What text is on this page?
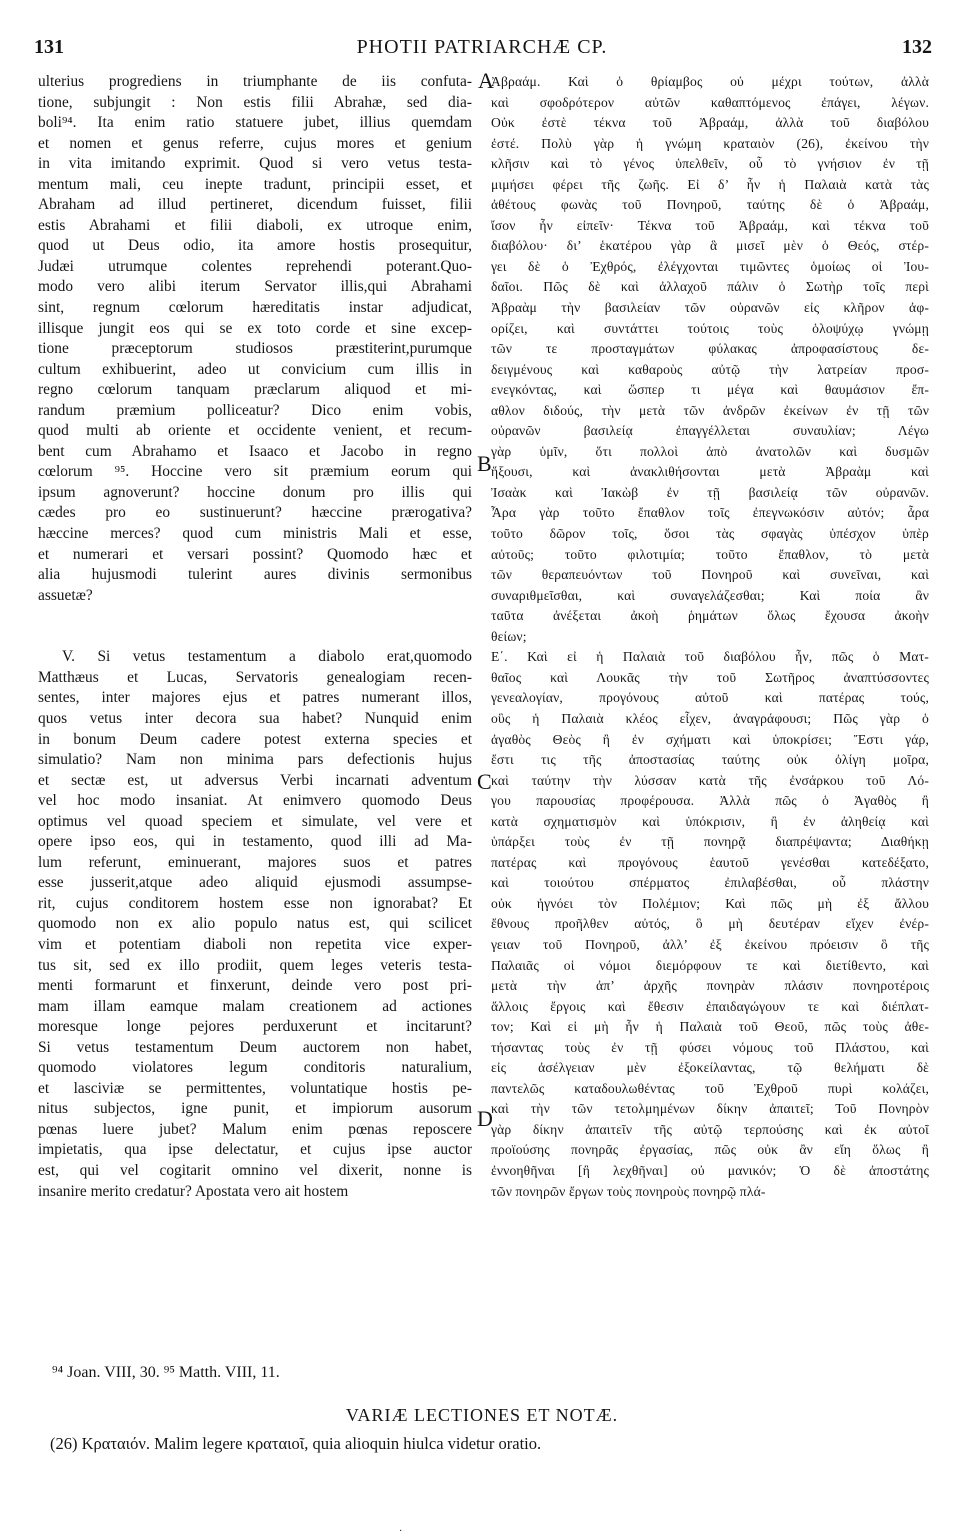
131	PHOTII PATRIARCHÆ CP.	132
ulterius progrediens in triumphante de iis confuta-
tione, subjungit : Non estis filii Abrahæ, sed dia-
boli⁹⁴. Ita enim ratio statuere jubet, illius quemdam
et nomen et genus referre, cujus mores et genium
in vita imitando exprimit. Quod si vero vetus testa-
mentum mali, ceu inepte tradunt, principii esset, et
Abraham ad illud pertineret, dicendum fuisset, filii
estis Abrahami et filii diaboli, ex utroque enim,
quod ut Deus odio, ita amore hostis prosequitur,
Judæi utrumque colentes reprehendi poterant.Quo-
modo vero alibi iterum Servator illis,qui Abrahami
sint, regnum cœlorum hæreditatis instar adjudicat,
illisque jungit eos qui se ex toto corde et sine excep-
tione præceptorum studiosos præstiterint,purumque
cultum exhibuerint, adeo ut convicium cum illis in
regno cœlorum tanquam præclarum aliquod et mi-
randum præmium polliceatur? Dico enim vobis,
quod multi ab oriente et occidente venient, et recum-
bent cum Abrahamo et Isaaco et Jacobo in regno
cœlorum ⁹⁵. Hoccine vero sit præmium eorum qui
ipsum agnoverunt? hoccine donum pro illis qui
cædes pro eo sustinuerunt? hæccine prærogativa?
hæccine merces? quod cum ministris Mali et esse,
et numerari et versari possint? Quomodo hæc et
alia hujusmodi tulerint aures divinis sermonibus
assuetæ?
V. Si vetus testamentum a diabolo erat,quomodo
Matthæus et Lucas, Servatoris genealogiam recen-
sentes, inter majores ejus et patres numerant illos,
quos vetus inter decora sua habet? Nunquid enim
in bonum Deum cadere potest externa species et
simulatio? Nam non minima pars defectionis hujus
et sectæ est, ut adversus Verbi incarnati adventum
vel hoc modo insaniat. At enimvero quomodo Deus
optimus vel quoad speciem et simulate, vel vere et
opere ipso eos, qui in testamento, quod illi ad Ma-
lum referunt, eminuerant, majores suos et patres
esse jusserit,atque adeo aliquid ejusmodi assumpse-
rit, cujus conditorem hostem esse non ignorabat? Et
quomodo non ex alio populo natus est, qui scilicet
vim et potentiam diaboli non repetita vice exper-
tus sit, sed ex illo prodiit, quem leges veteris testa-
menti formarunt et finxerunt, deinde vero post pri-
mam illam eamque malam creationem ad actiones
moresque longe pejores perduxerunt et incitarunt?
Si vetus testamentum Deum auctorem non habet,
quomodo violatores legum conditoris naturalium,
et lasciviæ se permittentes, voluntatique hostis pe-
nitus subjectos, igne punit, et impiorum ausorum
pœnas luere jubet? Malum enim pœnas reposcere
impietatis, qua ipse delectatur, et cujus ipse auctor
est, qui vel cogitarit omnino vel dixerit, nonne is
insanire merito credatur? Apostata vero ait hostem
A
B
C
D
Ἀβραάμ. Καὶ ὁ θρίαμβος οὐ μέχρι τούτων, ἀλλὰ
καὶ σφοδρότερον αὐτῶν καθαπτόμενος ἐπάγει, λέγων.
Οὐκ ἐστὲ τέκνα τοῦ Ἀβραάμ, ἀλλὰ τοῦ διαβόλου
ἐστέ. Πολὺ γὰρ ἡ γνώμη κραταιὸν (26), ἐκείνου τὴν
κλῆσιν καὶ τὸ γένος ὑπελθεῖν, οὗ τὸ γνήσιον ἐν τῇ
μιμήσει φέρει τῆς ζωῆς. Εἰ δ’ ἦν ἡ Παλαιὰ κατὰ τὰς
ἀθέτους φωνὰς τοῦ Πονηροῦ, ταύτης δὲ ὁ Ἀβραάμ,
ἴσον ἦν εἰπεῖν· Τέκνα τοῦ Ἀβραάμ, καὶ τέκνα τοῦ
διαβόλου· δι’ ἑκατέρου γὰρ ἃ μισεῖ μὲν ὁ Θεός, στέρ-
γει δὲ ὁ Ἐχθρός, ἐλέγχονται τιμῶντες ὁμοίως οἱ Ἰου-
δαῖοι. Πῶς δὲ καὶ ἀλλαχοῦ πάλιν ὁ Σωτὴρ τοῖς περὶ
Ἀβραὰμ τὴν βασιλείαν τῶν οὐρανῶν εἰς κλῆρον ἀφ-
ορίζει, καὶ συντάττει τούτοις τοὺς ὁλοψύχῳ γνώμῃ
τῶν τε προσταγμάτων φύλακας ἀπροφασίστους δε-
δειγμένους καὶ καθαροὺς αὐτῷ τὴν λατρείαν προσ-
ενεγκόντας, καὶ ὥσπερ τι μέγα καὶ θαυμάσιον ἔπ-
αθλον διδούς, τὴν μετὰ τῶν ἀνδρῶν ἐκείνων ἐν τῇ τῶν
οὐρανῶν βασιλείᾳ ἐπαγγέλλεται συναυλίαν; Λέγω
γὰρ ὑμῖν, ὅτι πολλοὶ ἀπὸ ἀνατολῶν καὶ δυσμῶν
ἥξουσι, καὶ ἀνακλιθήσονται μετὰ Ἀβραὰμ καὶ
Ἰσαὰκ καὶ Ἰακὼβ ἐν τῇ βασιλείᾳ τῶν οὐρανῶν.
Ἆρα γὰρ τοῦτο ἔπαθλον τοῖς ἐπεγνωκόσιν αὐτόν; ἆρα
τοῦτο δῶρον τοῖς, ὅσοι τὰς σφαγὰς ὑπέσχον ὑπὲρ
αὐτοῦς; τοῦτο φιλοτιμία; τοῦτο ἔπαθλον, τὸ μετὰ
τῶν θεραπευόντων τοῦ Πονηροῦ καὶ συνεῖναι, καὶ
συναριθμεῖσθαι, καὶ συναγελάζεσθαι; Καὶ ποία ἂν
ταῦτα ἀνέξεται ἀκοὴ ῥημάτων ὅλως ἔχουσα ἀκοὴν
θείων;
Ε΄. Καὶ εἰ ἡ Παλαιὰ τοῦ διαβόλου ἦν, πῶς ὁ Ματ-
θαῖος καὶ Λουκᾶς τὴν τοῦ Σωτῆρος ἀναπτύσσοντες
γενεαλογίαν, προγόνους αὐτοῦ καὶ πατέρας τούς,
οὓς ἡ Παλαιὰ κλέος εἶχεν, ἀναγράφουσι; Πῶς γὰρ ὁ
ἀγαθὸς Θεὸς ἢ ἐν σχήματι καὶ ὑποκρίσει; Ἔστι γάρ,
ἔστι τις τῆς ἀποστασίας ταύτης οὐκ ὀλίγη μοῖρα,
καὶ ταύτην τὴν λύσσαν κατὰ τῆς ἐνσάρκου τοῦ Λό-
γου παρουσίας προφέρουσα. Ἀλλὰ πῶς ὁ Ἀγαθὸς ἢ
κατὰ σχηματισμὸν καὶ ὑπόκρισιν, ἢ ἐν ἀληθείᾳ καὶ
ὑπάρξει τοὺς ἐν τῇ πονηρᾷ διαπρέψαντα; Διαθήκῃ
πατέρας καὶ προγόνους ἑαυτοῦ γενέσθαι κατεδέξατο,
καὶ τοιούτου σπέρματος ἐπιλαβέσθαι, οὗ πλάστην
οὐκ ἠγνόει τὸν Πολέμιον; Καὶ πῶς μὴ ἐξ ἄλλου
ἔθνους προῆλθεν αὐτός, ὃ μὴ δευτέραν εἴχεν ἐνέρ-
γειαν τοῦ Πονηροῦ, ἀλλ’ ἐξ ἐκείνου πρόεισιν ὃ τῆς
Παλαιᾶς οἱ νόμοι διεμόρφουν τε καὶ διετίθεντο, καὶ
μετὰ τὴν ἀπ’ ἀρχῆς πονηρὰν πλάσιν πονηροτέροις
ἄλλοις ἔργοις καὶ ἔθεσιν ἐπαιδαγώγουν τε καὶ διέπλατ-
τον; Καὶ εἰ μὴ ἦν ἡ Παλαιὰ τοῦ Θεοῦ, πῶς τοὺς ἀθε-
τήσαντας τοὺς ἐν τῇ φύσει νόμους τοῦ Πλάστου, καὶ
εἰς ἀσέλγειαν μὲν ἐξοκείλαντας, τῷ θελήματι δὲ
παντελῶς καταδουλωθέντας τοῦ Ἐχθροῦ πυρὶ κολάζει,
καὶ τὴν τῶν τετολμημένων δίκην ἀπαιτεῖ; Τοῦ Πονηρὸν
γὰρ δίκην ἀπαιτεῖν τῆς αὐτῷ τερπούσης καὶ ἐκ αὐτοῖ
προϊούσης πονηρᾶς ἐργασίας, πῶς οὐκ ἂν εἴη ὅλως ἢ
ἐννοηθῆναι [ἢ λεχθῆναι] οὐ μανικόν; Ὁ δὲ ἀποστάτης
τῶν πονηρῶν ἔργων τοὺς πονηροὺς πονηρῷ πλά-
⁹⁴ Joan. VIII, 30. ⁹⁵ Matth. VIII, 11.
VARIÆ LECTIONES ET NOTÆ.
(26) Κραταιόν. Malim legere κραταιοῖ, quia alioquin hiulca videtur oratio.
·
